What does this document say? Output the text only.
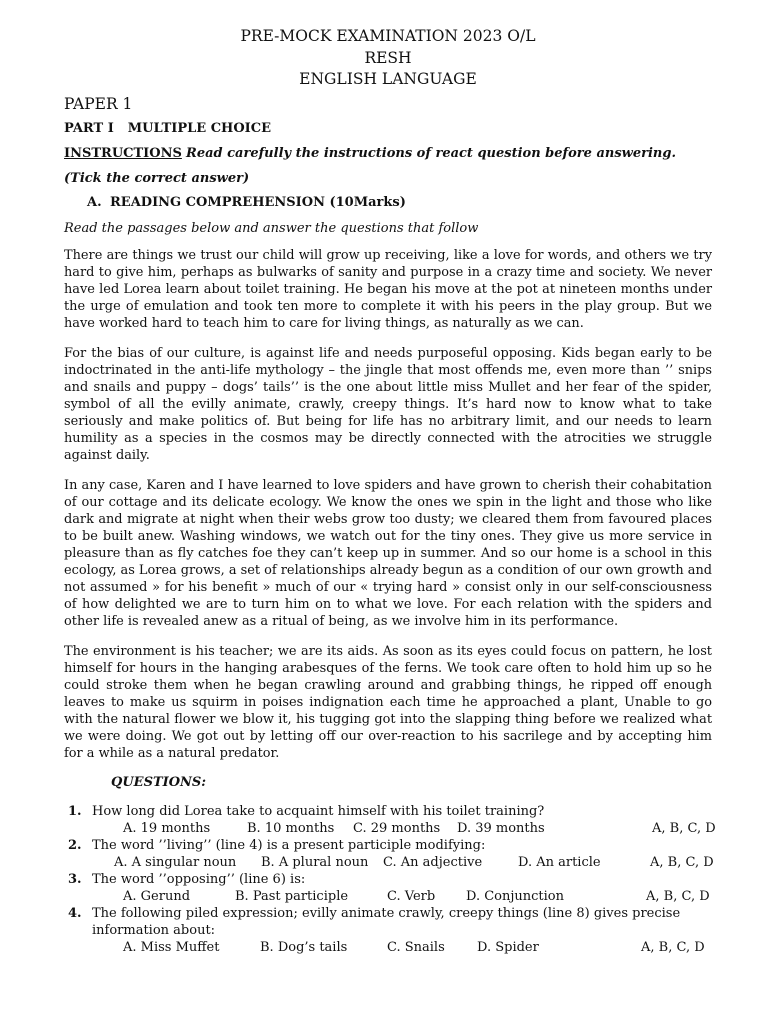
PRE-MOCK EXAMINATION 2023 O/L
RESH
ENGLISH LANGUAGE
PAPER 1
PART I MULTIPLE CHOICE
INSTRUCTIONS Read carefully the instructions of react question before answering.
(Tick the correct answer)
A. READING COMPREHENSION (10Marks)
Read the passages below and answer the questions that follow

There are things we trust our child will grow up receiving, like a love for words, and others we try hard to give him, perhaps as bulwarks of sanity and purpose in a crazy time and society. We never have led Lorea learn about toilet training. He began his move at the pot at nineteen months under the urge of emulation and took ten more to complete it with his peers in the play group. But we have worked hard to teach him to care for living things, as naturally as we can.

For the bias of our culture, is against life and needs purposeful opposing. Kids began early to be indoctrinated in the anti-life mythology – the jingle that most offends me, even more than ’’ snips and snails and puppy – dogs’ tails’’ is the one about little miss Mullet and her fear of the spider, symbol of all the evilly animate, crawly, creepy things. It’s hard now to know what to take seriously and make politics of. But being for life has no arbitrary limit, and our needs to learn humility as a species in the cosmos may be directly connected with the atrocities we struggle against daily.

In any case, Karen and I have learned to love spiders and have grown to cherish their cohabitation of our cottage and its delicate ecology. We know the ones we spin in the light and those who like dark and migrate at night when their webs grow too dusty; we cleared them from favoured places to be built anew. Washing windows, we watch out for the tiny ones. They give us more service in pleasure than as fly catches foe they can’t keep up in summer. And so our home is a school in this ecology, as Lorea grows, a set of relationships already begun as a condition of our own growth and not assumed » for his benefit » much of our « trying hard » consist only in our self-consciousness of how delighted we are to turn him on to what we love. For each relation with the spiders and other life is revealed anew as a ritual of being, as we involve him in its performance.

The environment is his teacher; we are its aids. As soon as its eyes could focus on pattern, he lost himself for hours in the hanging arabesques of the ferns. We took care often to hold him up so he could stroke them when he began crawling around and grabbing things, he ripped off enough leaves to make us squirm in poises indignation each time he approached a plant, Unable to go with the natural flower we blow it, his tugging got into the slapping thing before we realized what we were doing. We got out by letting off our over-reaction to his sacrilege and by accepting him for a while as a natural predator.

QUESTIONS:
1. How long did Lorea take to acquaint himself with his toilet training?
A. 19 months	B. 10 months C. 29 months D. 39 months	A, B, C, D
2. The word ’’living’’ (line 4) is a present participle modifying:
A. A singular noun B. A plural noun C. An adjective	D. An article	A, B, C, D
3. The word ’’opposing’’ (line 6) is:
A. Gerund	B. Past participle	C. Verb D. Conjunction	A, B, C, D
4. The following piled expression; evilly animate crawly, creepy things (line 8) gives precise information about:
A. Miss Muffet	B. Dog’s tails	C. Snails D. Spider	A, B, C, D
